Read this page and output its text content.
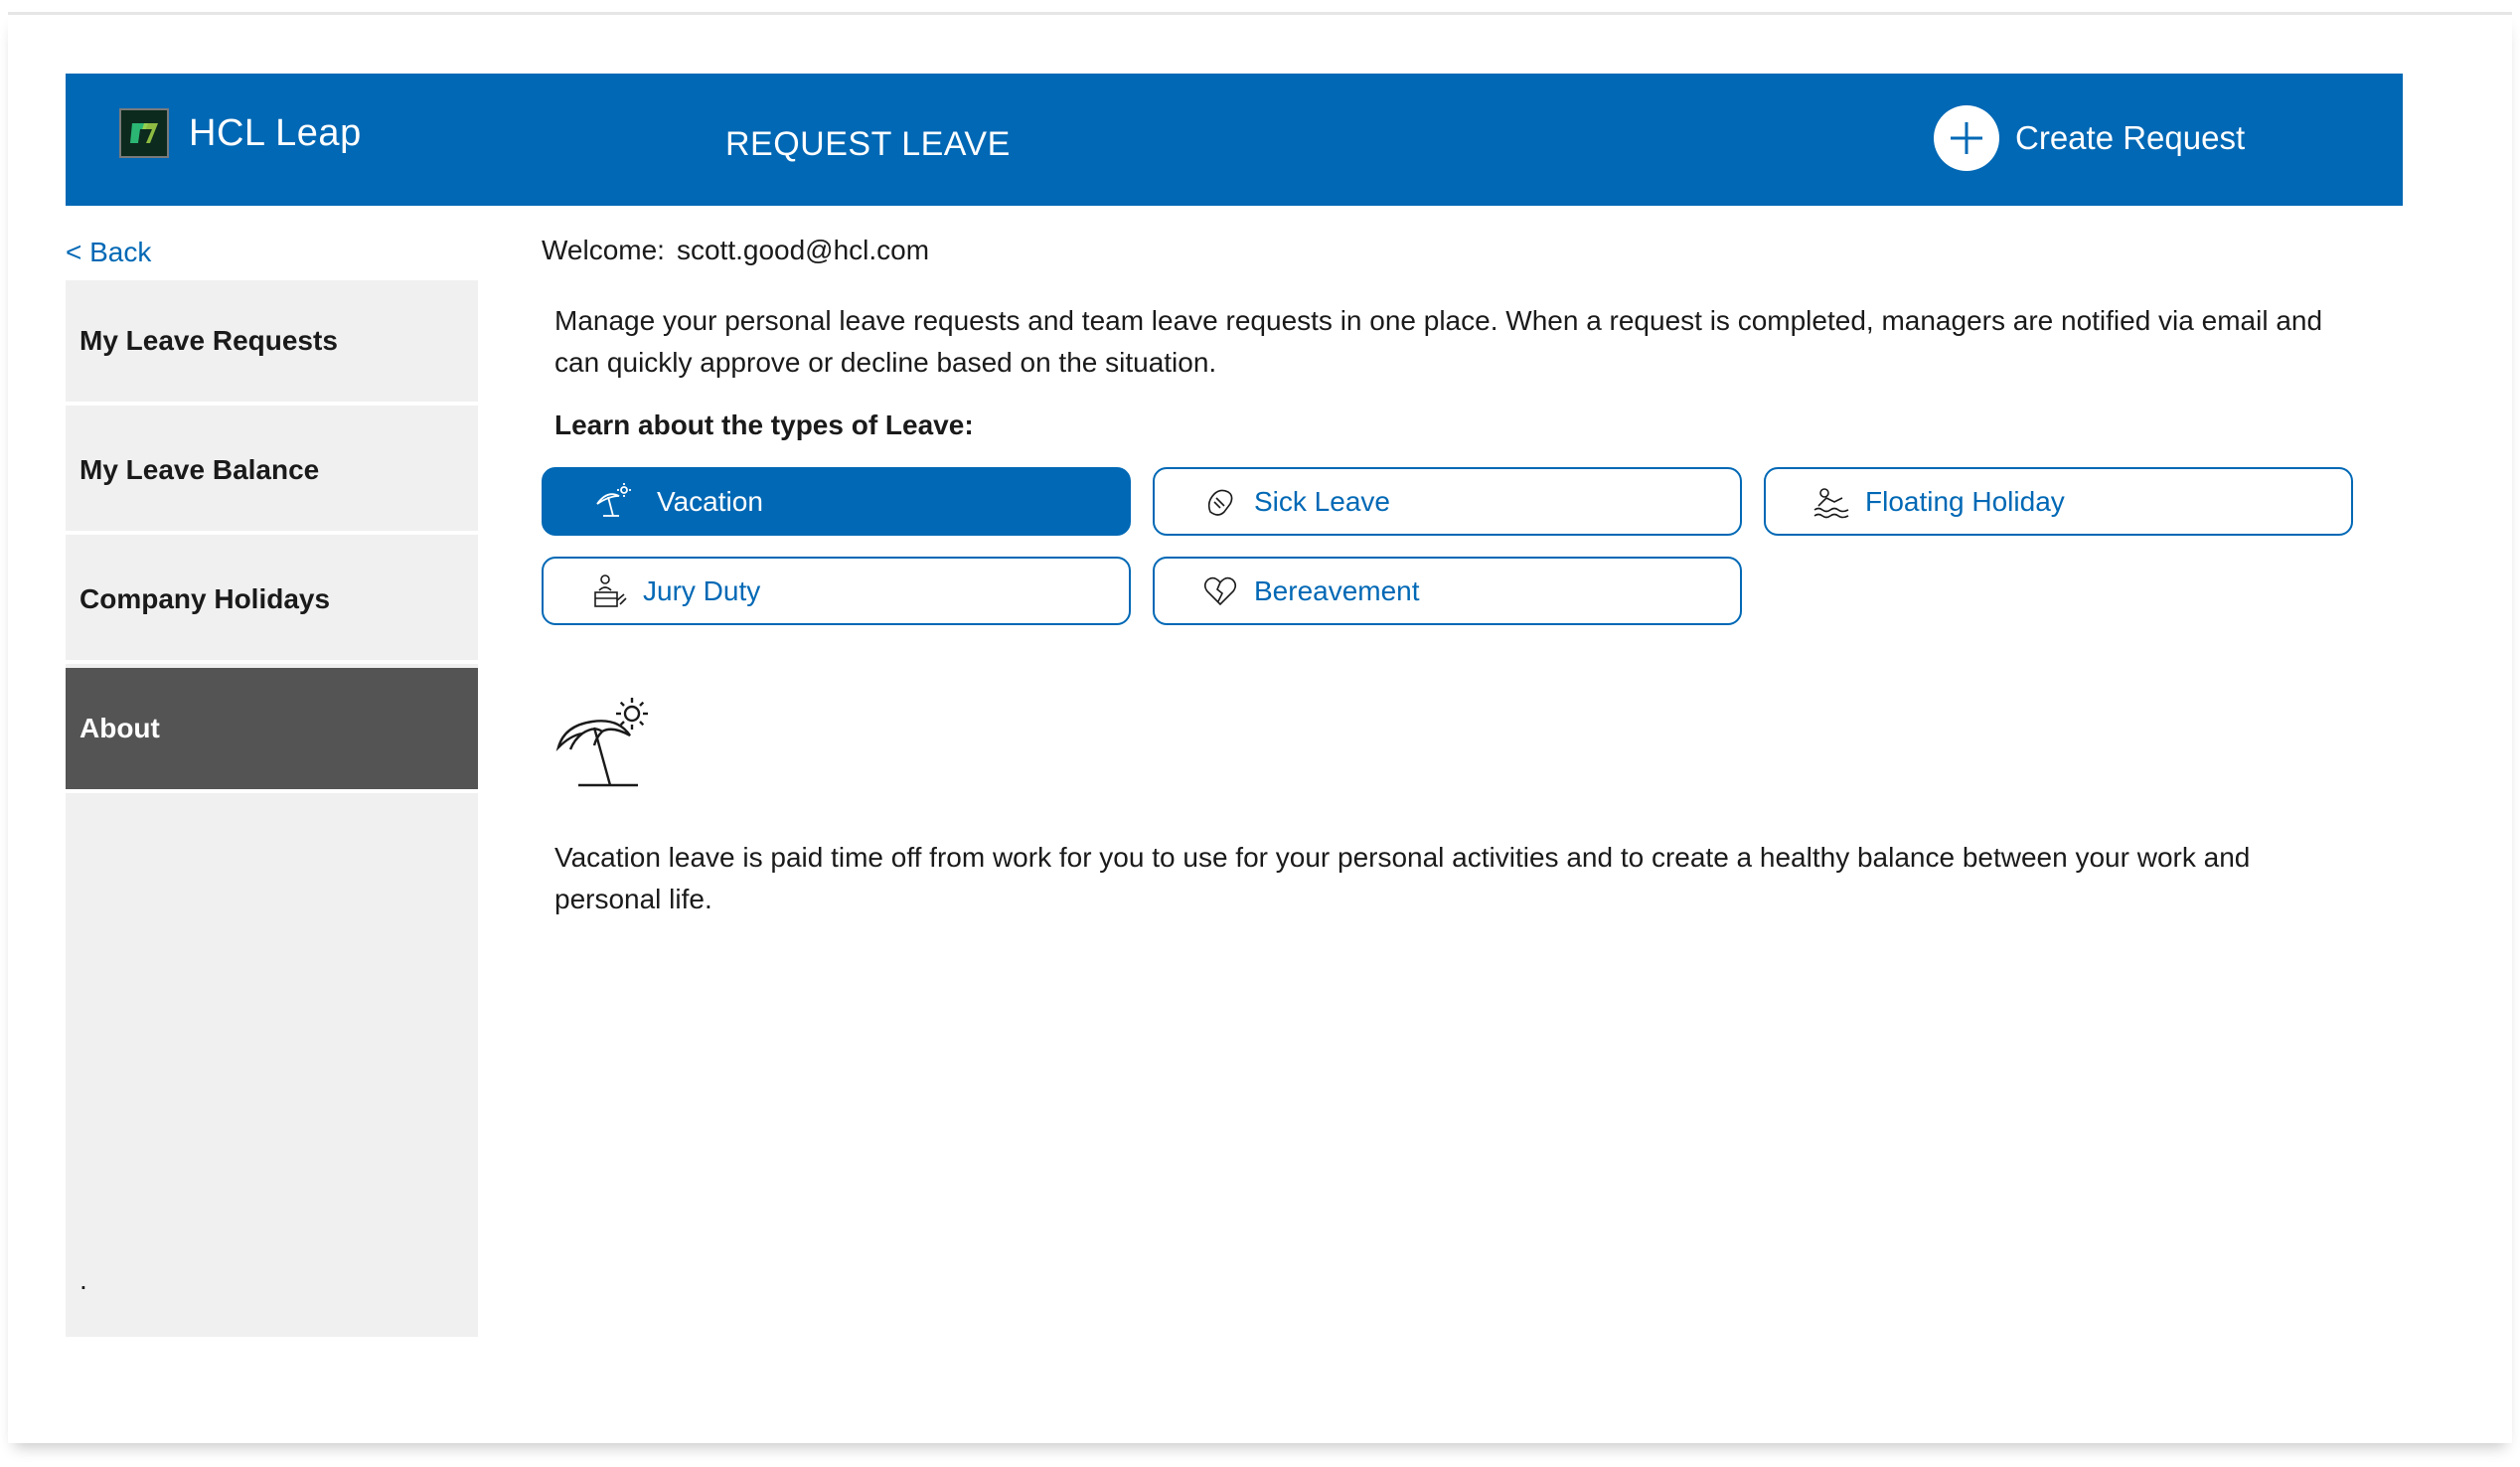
HCL Leap	REQUEST LEAVE	Create Request
< Back
My Leave Requests
My Leave Balance
Company Holidays
About
.
Welcome: scott.good@hcl.com

Manage your personal leave requests and team leave requests in one place. When a request is completed, managers are notified via email and can quickly approve or decline based on the situation.

Learn about the types of Leave:
Vacation	Sick Leave	Floating Holiday
Jury Duty	Bereavement

Vacation leave is paid time off from work for you to use for your personal activities and to create a healthy balance between your work and personal life.
